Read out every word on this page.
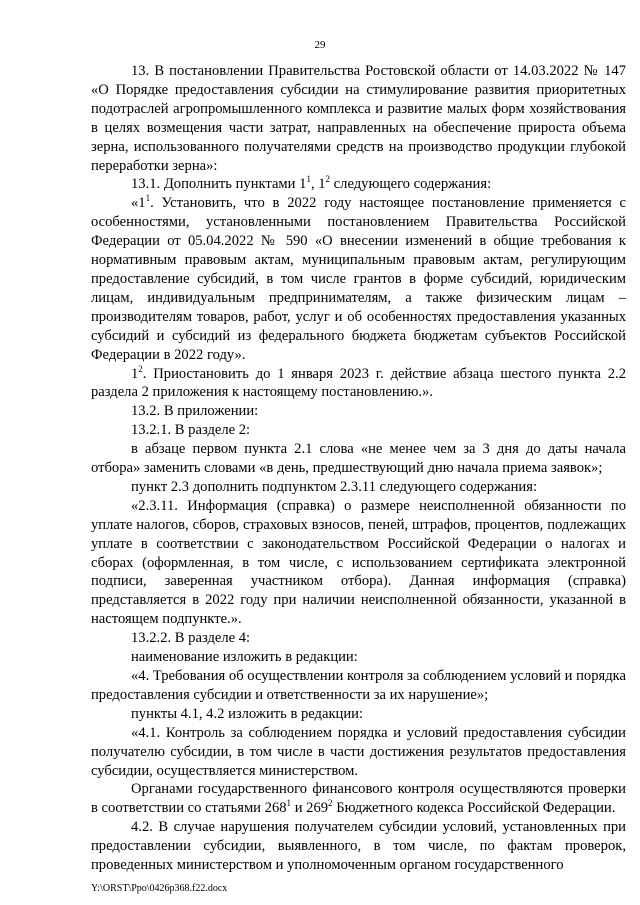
29

13. В постановлении Правительства Ростовской области от 14.03.2022 № 147 «О Порядке предоставления субсидии на стимулирование развития приоритетных подотраслей агропромышленного комплекса и развитие малых форм хозяйствования в целях возмещения части затрат, направленных на обеспечение прироста объема зерна, использованного получателями средств на производство продукции глубокой переработки зерна»:

13.1. Дополнить пунктами $1^1$, $1^2$ следующего содержания:

«$1^1$. Установить, что в 2022 году настоящее постановление применяется с особенностями, установленными постановлением Правительства Российской Федерации от 05.04.2022 № 590 «О внесении изменений в общие требования к нормативным правовым актам, муниципальным правовым актам, регулирующим предоставление субсидий, в том числе грантов в форме субсидий, юридическим лицам, индивидуальным предпринимателям, а также физическим лицам – производителям товаров, работ, услуг и об особенностях предоставления указанных субсидий и субсидий из федерального бюджета бюджетам субъектов Российской Федерации в 2022 году».

$1^2$. Приостановить до 1 января 2023 г. действие абзаца шестого пункта 2.2 раздела 2 приложения к настоящему постановлению.».

13.2. В приложении:

13.2.1. В разделе 2:

в абзаце первом пункта 2.1 слова «не менее чем за 3 дня до даты начала отбора» заменить словами «в день, предшествующий дню начала приема заявок»;

пункт 2.3 дополнить подпунктом 2.3.11 следующего содержания:

«2.3.11. Информация (справка) о размере неисполненной обязанности по уплате налогов, сборов, страховых взносов, пеней, штрафов, процентов, подлежащих уплате в соответствии с законодательством Российской Федерации о налогах и сборах (оформленная, в том числе, с использованием сертификата электронной подписи, заверенная участником отбора). Данная информация (справка) представляется в 2022 году при наличии неисполненной обязанности, указанной в настоящем подпункте.».

13.2.2. В разделе 4:

наименование изложить в редакции:

«4. Требования об осуществлении контроля за соблюдением условий и порядка предоставления субсидии и ответственности за их нарушение»;

пункты 4.1, 4.2 изложить в редакции:

«4.1. Контроль за соблюдением порядка и условий предоставления субсидии получателю субсидии, в том числе в части достижения результатов предоставления субсидии, осуществляется министерством.

Органами государственного финансового контроля осуществляются проверки в соответствии со статьями $268^1$ и $269^2$ Бюджетного кодекса Российской Федерации.

4.2. В случае нарушения получателем субсидии условий, установленных при предоставлении субсидии, выявленного, в том числе, по фактам проверок, проведенных министерством и уполномоченным органом государственного

Y:\ORST\Ppo\0426p368.f22.docx
